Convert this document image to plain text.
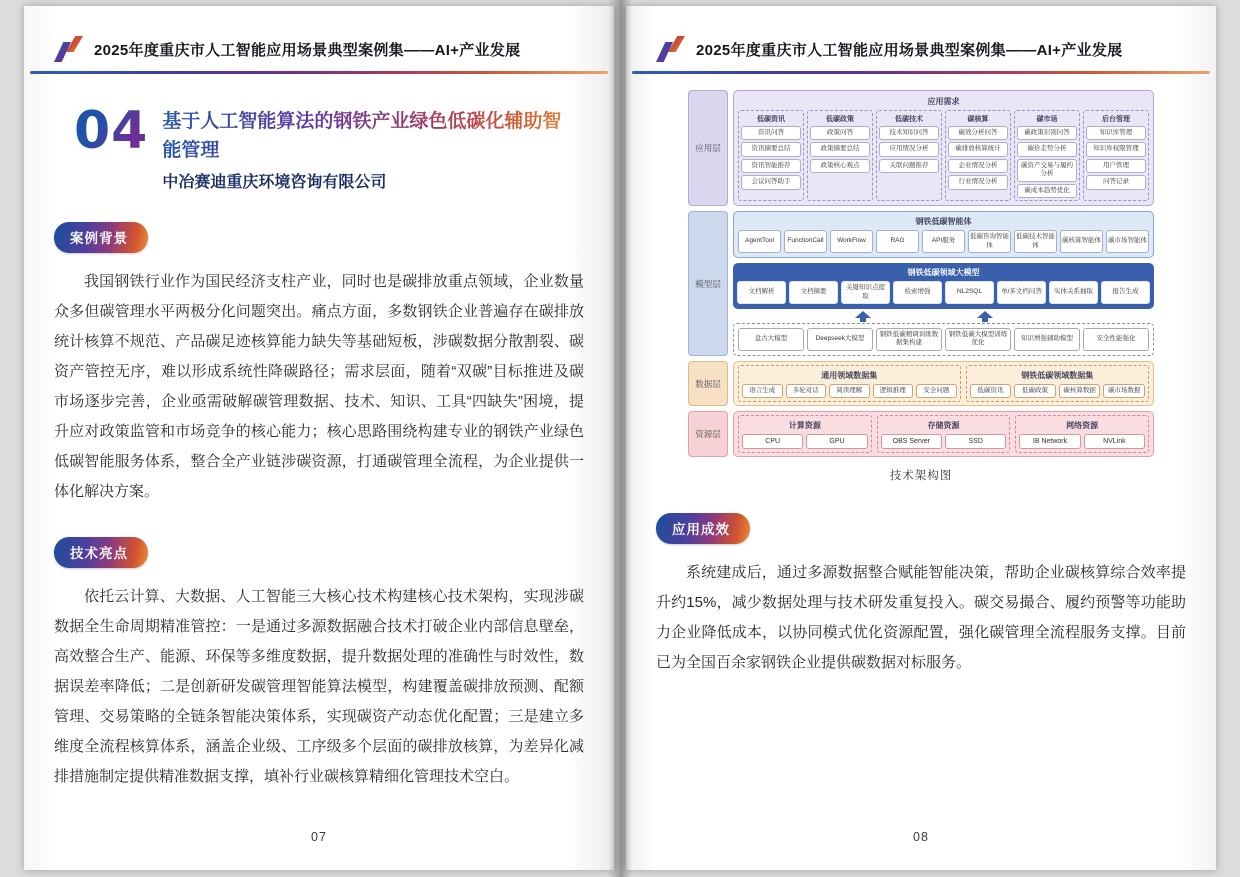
2025年度重庆市人工智能应用场景典型案例集——AI+产业发展
04 基于人工智能算法的钢铁产业绿色低碳化辅助智能管理
中冶赛迪重庆环境咨询有限公司
案例背景
我国钢铁行业作为国民经济支柱产业，同时也是碳排放重点领域，企业数量众多但碳管理水平两极分化问题突出。痛点方面，多数钢铁企业普遍存在碳排放统计核算不规范、产品碳足迹核算能力缺失等基础短板，涉碳数据分散割裂、碳资产管控无序，难以形成系统性降碳路径；需求层面，随着“双碳”目标推进及碳市场逐步完善，企业亟需破解碳管理数据、技术、知识、工具“四缺失”困境，提升应对政策监管和市场竞争的核心能力；核心思路围绕构建专业的钢铁产业绿色低碳智能服务体系，整合全产业链涉碳资源，打通碳管理全流程，为企业提供一体化解决方案。
技术亮点
依托云计算、大数据、人工智能三大核心技术构建核心技术架构，实现涉碳数据全生命周期精准管控：一是通过多源数据融合技术打破企业内部信息壁垒，高效整合生产、能源、环保等多维度数据，提升数据处理的准确性与时效性，数据误差率降低；二是创新研发碳管理智能算法模型，构建覆盖碳排放预测、配额管理、交易策略的全链条智能决策体系，实现碳资产动态优化配置；三是建立多维度全流程核算体系，涵盖企业级、工序级多个层面的碳排放核算，为差异化减排措施制定提供精准数据支撑，填补行业碳核算精细化管理技术空白。
07
2025年度重庆市人工智能应用场景典型案例集——AI+产业发展
应用层
应用需求
低碳资讯
资讯问答
资讯摘要总结
资讯智能推荐
会议问答助手
低碳政策
政策问答
政策摘要总结
政策核心观点
低碳技术
技术知识问答
应用情况分析
关联问题推荐
碳核算
碳效分析问答
碳排放核算统计
企业情况分析
行业情况分析
碳市场
碳政策识别问答
碳价走势分析
碳资产交易与履约分析
碳成本趋势优化
后台管理
知识库管理
知识库权限管理
用户管理
问答记录
模型层
钢铁低碳智能体
AgentTool	FunctionCall	WorkFlow	RAG	API服务
低碳咨询智能体
低碳技术智能体
碳核算智能体	碳市场智能体
钢铁低碳领域大模型
文档解析	文档摘要
关键知识点提取
检索增强	NL2SQL	单/多文档问答	实体关系抽取	报告生成
盘古大模型	Deepseek大模型
钢铁低碳精调训练数据集构建
钢铁低碳大模型训练优化
知识增强辅助模型	安全性能强化
数据层
通用领域数据集
语言生成	多轮对话	阅读理解	逻辑推理	安全问题
钢铁低碳领域数据集
低碳资讯	低碳政策	碳核算数据	碳市场数据
资源层
计算资源
CPU	GPU
存储资源
OBS Server	SSD
网络资源
IB Network	NVLink
技术架构图
应用成效
系统建成后，通过多源数据整合赋能智能决策，帮助企业碳核算综合效率提升约15%，减少数据处理与技术研发重复投入。碳交易撮合、履约预警等功能助力企业降低成本，以协同模式优化资源配置，强化碳管理全流程服务支撑。目前已为全国百余家钢铁企业提供碳数据对标服务。
08
